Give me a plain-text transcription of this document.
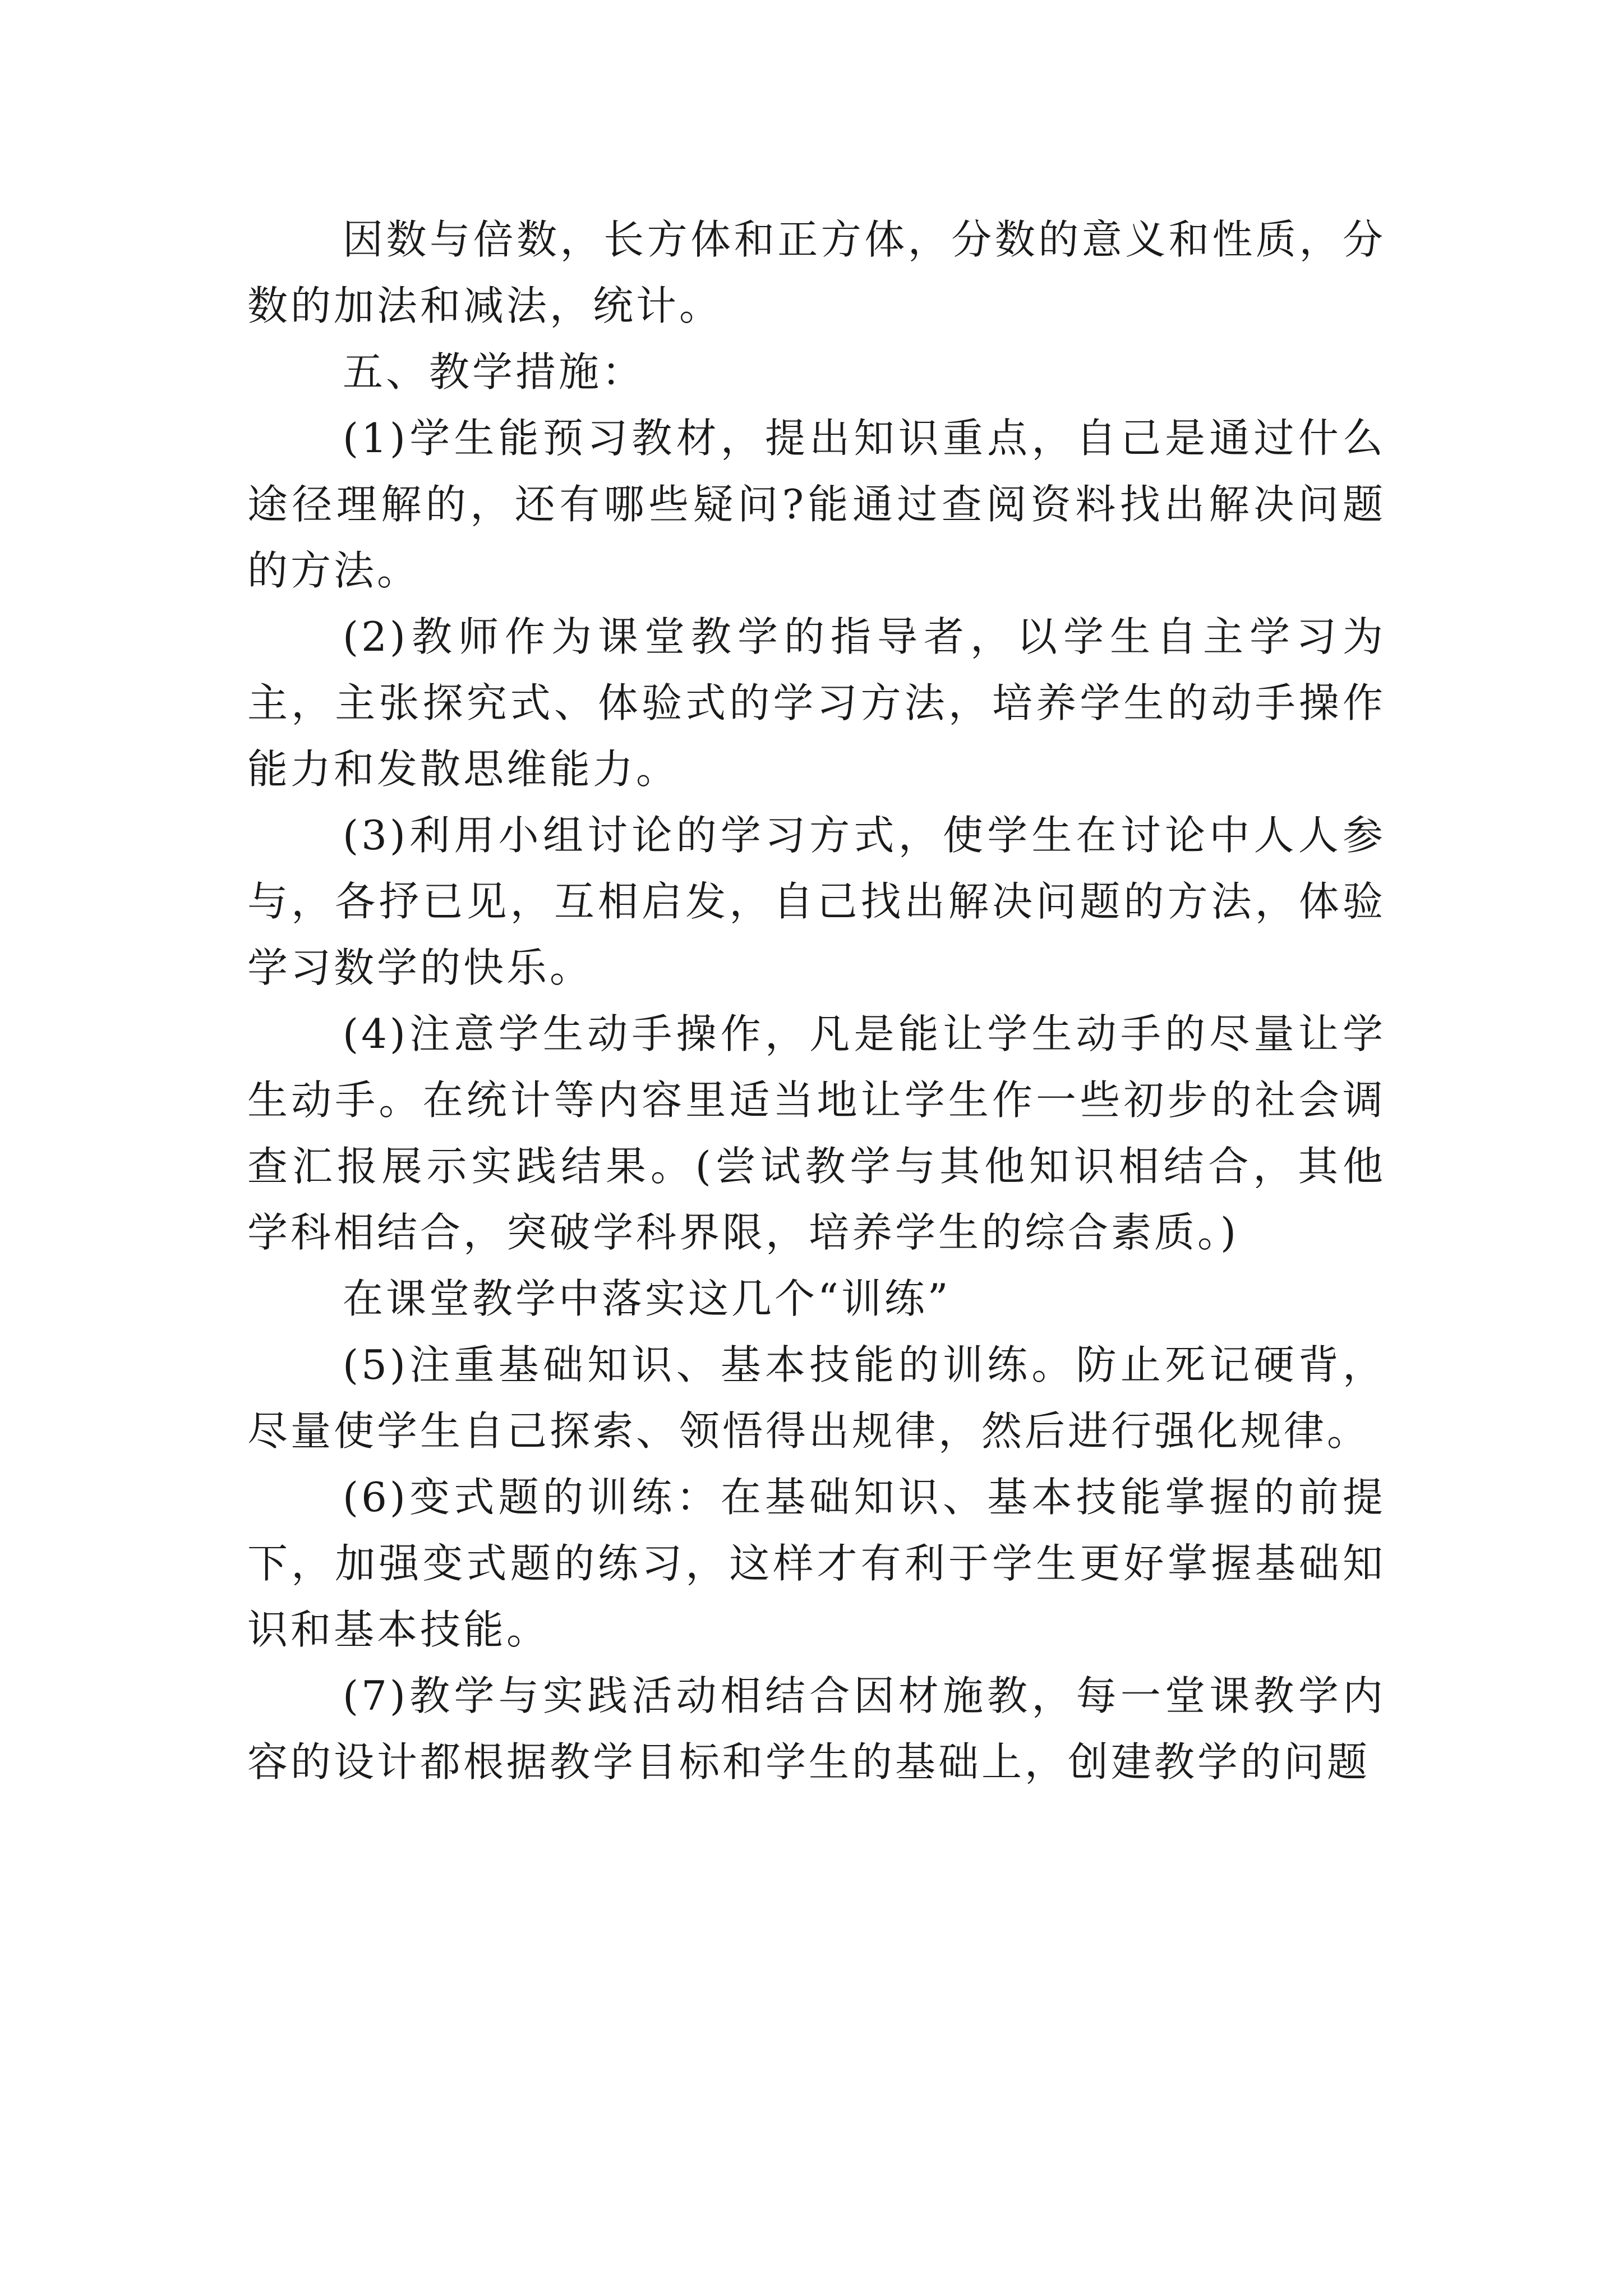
因数与倍数，长方体和正方体，分数的意义和性质，分数的加法和减法，统计。

五、教学措施：

(1)学生能预习教材，提出知识重点，自己是通过什么途径理解的，还有哪些疑问?能通过查阅资料找出解决问题的方法。

(2)教师作为课堂教学的指导者，以学生自主学习为主，主张探究式、体验式的学习方法，培养学生的动手操作能力和发散思维能力。

(3)利用小组讨论的学习方式，使学生在讨论中人人参与，各抒已见，互相启发，自己找出解决问题的方法，体验学习数学的快乐。

(4)注意学生动手操作，凡是能让学生动手的尽量让学生动手。在统计等内容里适当地让学生作一些初步的社会调查汇报展示实践结果。(尝试教学与其他知识相结合，其他学科相结合，突破学科界限，培养学生的综合素质。)

在课堂教学中落实这几个“训练”

(5)注重基础知识、基本技能的训练。防止死记硬背，尽量使学生自己探索、领悟得出规律，然后进行强化规律。

(6)变式题的训练：在基础知识、基本技能掌握的前提下，加强变式题的练习，这样才有利于学生更好掌握基础知识和基本技能。

(7)教学与实践活动相结合因材施教，每一堂课教学内容的设计都根据教学目标和学生的基础上，创建教学的问题
